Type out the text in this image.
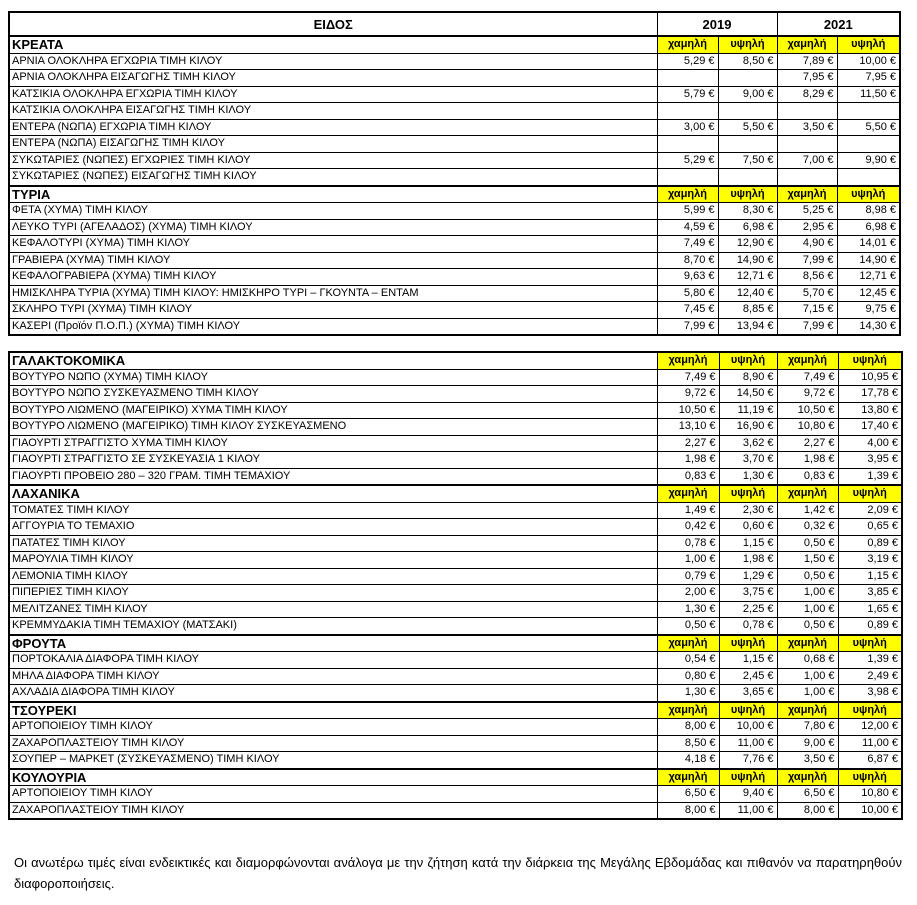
ΕΙΔΟΣ	2019		2021	
ΚΡΕΑΤΑ	χαμηλή	υψηλή	χαμηλή	υψηλή
ΑΡΝΙΑ ΟΛΟΚΛΗΡΑ ΕΓΧΩΡΙΑ ΤΙΜΗ ΚΙΛΟΥ	5,29 €	8,50 €	7,89 €	10,00 €
ΑΡΝΙΑ ΟΛΟΚΛΗΡΑ ΕΙΣΑΓΩΓΗΣ ΤΙΜΗ ΚΙΛΟΥ			7,95 €	7,95 €
ΚΑΤΣΙΚΙΑ ΟΛΟΚΛΗΡΑ ΕΓΧΩΡΙΑ ΤΙΜΗ ΚΙΛΟΥ	5,79 €	9,00 €	8,29 €	11,50 €
ΚΑΤΣΙΚΙΑ ΟΛΟΚΛΗΡΑ ΕΙΣΑΓΩΓΗΣ ΤΙΜΗ ΚΙΛΟΥ				
ΕΝΤΕΡΑ (ΝΩΠΑ) ΕΓΧΩΡΙΑ ΤΙΜΗ ΚΙΛΟΥ	3,00 €	5,50 €	3,50 €	5,50 €
ΕΝΤΕΡΑ (ΝΩΠΑ) ΕΙΣΑΓΩΓΗΣ ΤΙΜΗ ΚΙΛΟΥ				
ΣΥΚΩΤΑΡΙΕΣ (ΝΩΠΕΣ) ΕΓΧΩΡΙΕΣ ΤΙΜΗ ΚΙΛΟΥ	5,29 €	7,50 €	7,00 €	9,90 €
ΣΥΚΩΤΑΡΙΕΣ (ΝΩΠΕΣ) ΕΙΣΑΓΩΓΗΣ ΤΙΜΗ ΚΙΛΟΥ				
ΤΥΡΙΑ	χαμηλή	υψηλή	χαμηλή	υψηλή
ΦΕΤΑ (ΧΥΜΑ) ΤΙΜΗ ΚΙΛΟΥ	5,99 €	8,30 €	5,25 €	8,98 €
ΛΕΥΚΟ ΤΥΡΙ (ΑΓΕΛΑΔΟΣ) (ΧΥΜΑ) ΤΙΜΗ ΚΙΛΟΥ	4,59 €	6,98 €	2,95 €	6,98 €
ΚΕΦΑΛΟΤΥΡΙ (ΧΥΜΑ) ΤΙΜΗ ΚΙΛΟΥ	7,49 €	12,90 €	4,90 €	14,01 €
ΓΡΑΒΙΕΡΑ (ΧΥΜΑ) ΤΙΜΗ ΚΙΛΟΥ	8,70 €	14,90 €	7,99 €	14,90 €
ΚΕΦΑΛΟΓΡΑΒΙΕΡΑ (ΧΥΜΑ) ΤΙΜΗ ΚΙΛΟΥ	9,63 €	12,71 €	8,56 €	12,71 €
ΗΜΙΣΚΛΗΡΑ ΤΥΡΙΑ (ΧΥΜΑ) ΤΙΜΗ ΚΙΛΟΥ: ΗΜΙΣΚΗΡΟ ΤΥΡΙ – ΓΚΟΥΝΤΑ – ΕΝΤΑΜ	5,80 €	12,40 €	5,70 €	12,45 €
ΣΚΛΗΡΟ ΤΥΡΙ (ΧΥΜΑ) ΤΙΜΗ ΚΙΛΟΥ	7,45 €	8,85 €	7,15 €	9,75 €
ΚΑΣΕΡΙ (Προϊόν Π.Ο.Π.) (ΧΥΜΑ) ΤΙΜΗ ΚΙΛΟΥ	7,99 €	13,94 €	7,99 €	14,30 €
ΓΑΛΑΚΤΟΚΟΜΙΚΑ	χαμηλή	υψηλή	χαμηλή	υψηλή
ΒΟΥΤΥΡΟ ΝΩΠΟ (ΧΥΜΑ) ΤΙΜΗ ΚΙΛΟΥ	7,49 €	8,90 €	7,49 €	10,95 €
ΒΟΥΤΥΡΟ ΝΩΠΟ ΣΥΣΚΕΥΑΣΜΕΝΟ ΤΙΜΗ ΚΙΛΟΥ	9,72 €	14,50 €	9,72 €	17,78 €
ΒΟΥΤΥΡΟ ΛΙΩΜΕΝΟ (ΜΑΓΕΙΡΙΚΟ) ΧΥΜΑ ΤΙΜΗ ΚΙΛΟΥ	10,50 €	11,19 €	10,50 €	13,80 €
ΒΟΥΤΥΡΟ ΛΙΩΜΕΝΟ (ΜΑΓΕΙΡΙΚΟ) ΤΙΜΗ ΚΙΛΟΥ ΣΥΣΚΕΥΑΣΜΕΝΟ	13,10 €	16,90 €	10,80 €	17,40 €
ΓΙΑΟΥΡΤΙ ΣΤΡΑΓΓΙΣΤΟ ΧΥΜΑ ΤΙΜΗ ΚΙΛΟΥ	2,27 €	3,62 €	2,27 €	4,00 €
ΓΙΑΟΥΡΤΙ ΣΤΡΑΓΓΙΣΤΟ ΣΕ ΣΥΣΚΕΥΑΣΙΑ 1 ΚΙΛΟΥ	1,98 €	3,70 €	1,98 €	3,95 €
ΓΙΑΟΥΡΤΙ ΠΡΟΒΕΙΟ 280 – 320 ΓΡΑΜ. ΤΙΜΗ ΤΕΜΑΧΙΟΥ	0,83 €	1,30 €	0,83 €	1,39 €
ΛΑΧΑΝΙΚΑ	χαμηλή	υψηλή	χαμηλή	υψηλή
ΤΟΜΑΤΕΣ ΤΙΜΗ ΚΙΛΟΥ	1,49 €	2,30 €	1,42 €	2,09 €
ΑΓΓΟΥΡΙΑ ΤΟ ΤΕΜΑΧΙΟ	0,42 €	0,60 €	0,32 €	0,65 €
ΠΑΤΑΤΕΣ ΤΙΜΗ ΚΙΛΟΥ	0,78 €	1,15 €	0,50 €	0,89 €
ΜΑΡΟΥΛΙΑ ΤΙΜΗ ΚΙΛΟΥ	1,00 €	1,98 €	1,50 €	3,19 €
ΛΕΜΟΝΙΑ ΤΙΜΗ ΚΙΛΟΥ	0,79 €	1,29 €	0,50 €	1,15 €
ΠΙΠΕΡΙΕΣ ΤΙΜΗ ΚΙΛΟΥ	2,00 €	3,75 €	1,00 €	3,85 €
ΜΕΛΙΤΖΑΝΕΣ ΤΙΜΗ ΚΙΛΟΥ	1,30 €	2,25 €	1,00 €	1,65 €
ΚΡΕΜΜΥΔΑΚΙΑ ΤΙΜΗ ΤΕΜΑΧΙΟΥ (ΜΑΤΣΑΚΙ)	0,50 €	0,78 €	0,50 €	0,89 €
ΦΡΟΥΤΑ	χαμηλή	υψηλή	χαμηλή	υψηλή
ΠΟΡΤΟΚΑΛΙΑ ΔΙΑΦΟΡΑ ΤΙΜΗ ΚΙΛΟΥ	0,54 €	1,15 €	0,68 €	1,39 €
ΜΗΛΑ ΔΙΑΦΟΡΑ ΤΙΜΗ ΚΙΛΟΥ	0,80 €	2,45 €	1,00 €	2,49 €
ΑΧΛΑΔΙΑ ΔΙΑΦΟΡΑ ΤΙΜΗ ΚΙΛΟΥ	1,30 €	3,65 €	1,00 €	3,98 €
ΤΣΟΥΡΕΚΙ	χαμηλή	υψηλή	χαμηλή	υψηλή
ΑΡΤΟΠΟΙΕΙΟΥ ΤΙΜΗ ΚΙΛΟΥ	8,00 €	10,00 €	7,80 €	12,00 €
ΖΑΧΑΡΟΠΛΑΣΤΕΙΟΥ ΤΙΜΗ ΚΙΛΟΥ	8,50 €	11,00 €	9,00 €	11,00 €
ΣΟΥΠΕΡ – ΜΑΡΚΕΤ (ΣΥΣΚΕΥΑΣΜΕΝΟ) ΤΙΜΗ ΚΙΛΟΥ	4,18 €	7,76 €	3,50 €	6,87 €
ΚΟΥΛΟΥΡΙΑ	χαμηλή	υψηλή	χαμηλή	υψηλή
ΑΡΤΟΠΟΙΕΙΟΥ ΤΙΜΗ ΚΙΛΟΥ	6,50 €	9,40 €	6,50 €	10,80 €
ΖΑΧΑΡΟΠΛΑΣΤΕΙΟΥ ΤΙΜΗ ΚΙΛΟΥ	8,00 €	11,00 €	8,00 €	10,00 €
Οι ανωτέρω τιμές είναι ενδεικτικές και διαμορφώνονται ανάλογα με την ζήτηση κατά την διάρκεια της Μεγάλης Εβδομάδας και πιθανόν να παρατηρηθούν διαφοροποιήσεις.
